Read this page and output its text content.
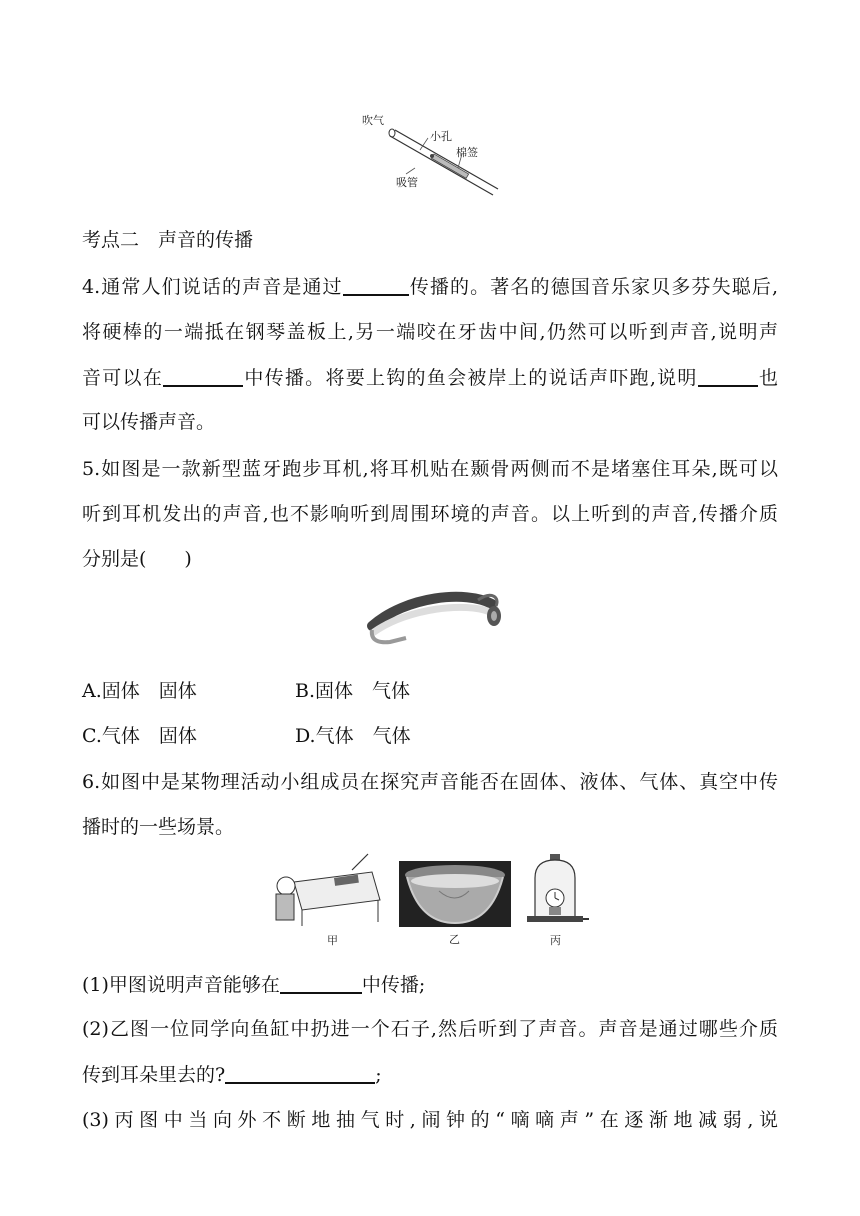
吹气
小孔
棉签
吸管
考点二　声音的传播
4.通常人们说话的声音是通过	传播的。著名的德国音乐家贝多芬失聪后,
将硬棒的一端抵在钢琴盖板上,另一端咬在牙齿中间,仍然可以听到声音,说明声
音可以在	中传播。将要上钩的鱼会被岸上的说话声吓跑,说明	也
可以传播声音。
5.如图是一款新型蓝牙跑步耳机,将耳机贴在颞骨两侧而不是堵塞住耳朵,既可以
听到耳机发出的声音,也不影响听到周围环境的声音。以上听到的声音,传播介质
分别是(　　)
A.固体　固体	B.固体　气体
C.气体　固体	D.气体　气体
6.如图中是某物理活动小组成员在探究声音能否在固体、液体、气体、真空中传
播时的一些场景。
甲	乙	丙
(1)甲图说明声音能够在	中传播;
(2)乙图一位同学向鱼缸中扔进一个石子,然后听到了声音。声音是通过哪些介质
传到耳朵里去的?	;
(3)丙图中当向外不断地抽气时,闹钟的“嘀嘀声”在逐渐地减弱,说
